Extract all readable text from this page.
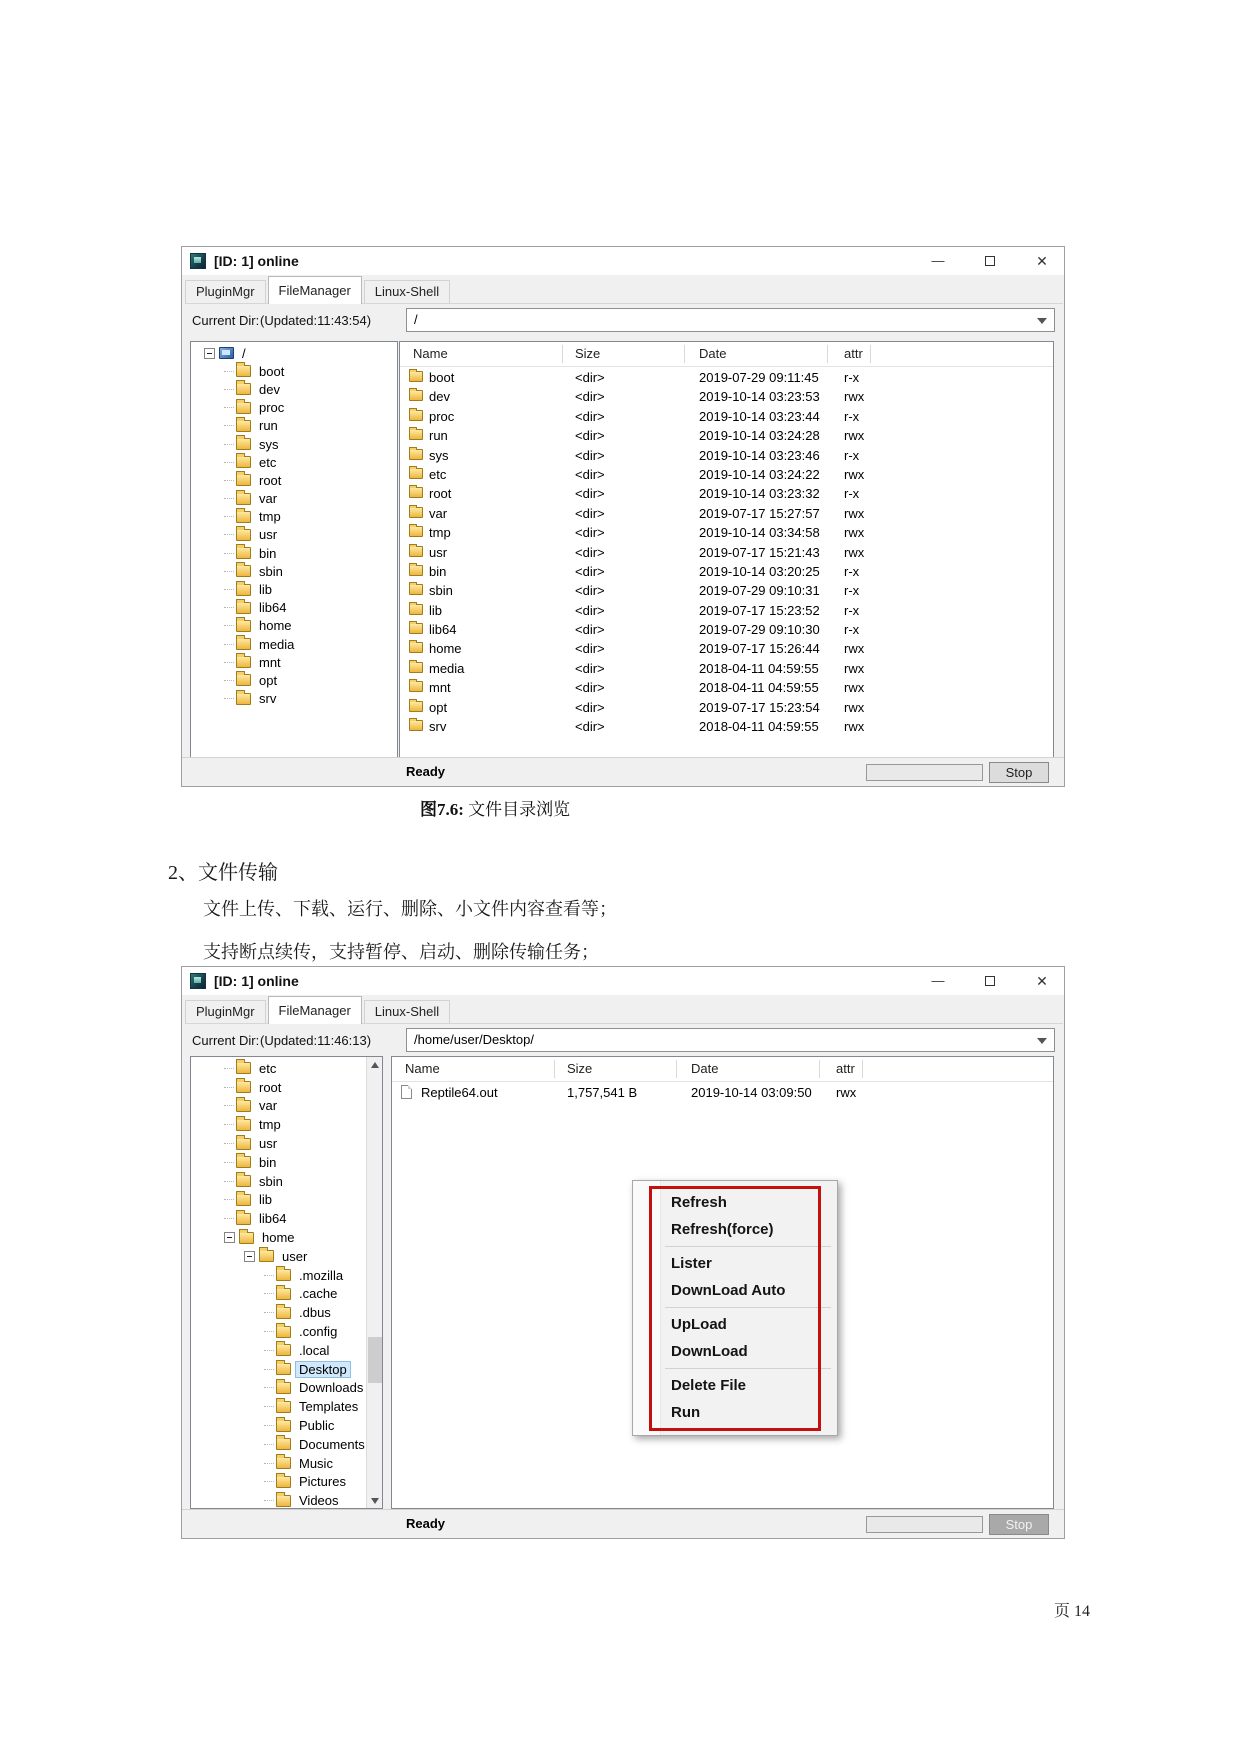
[ID: 1] online	—	✕
PluginMgr	FileManager	Linux-Shell
Current Dir: (Updated:11:43:54)	/
/
boot
dev
proc
run
sys
etc
root
var
tmp
usr
bin
sbin
lib
lib64
home
media
mnt
opt
srv
Name	Size	Date	attr
boot	<dir>	2019-07-29 09:11:45 r-x
dev	<dir>	2019-10-14 03:23:53 rwx
proc	<dir>	2019-10-14 03:23:44 r-x
run	<dir>	2019-10-14 03:24:28 rwx
sys	<dir>	2019-10-14 03:23:46 r-x
etc	<dir>	2019-10-14 03:24:22 rwx
root	<dir>	2019-10-14 03:23:32 r-x
var	<dir>	2019-07-17 15:27:57 rwx
tmp	<dir>	2019-10-14 03:34:58 rwx
usr	<dir>	2019-07-17 15:21:43 rwx
bin	<dir>	2019-10-14 03:20:25 r-x
sbin	<dir>	2019-07-29 09:10:31 r-x
lib	<dir>	2019-07-17 15:23:52 r-x
lib64	<dir>	2019-07-29 09:10:30 r-x
home	<dir>	2019-07-17 15:26:44 rwx
media	<dir>	2018-04-11 04:59:55 rwx
mnt	<dir>	2018-04-11 04:59:55 rwx
opt	<dir>	2019-07-17 15:23:54 rwx
srv	<dir>	2018-04-11 04:59:55 rwx
Ready	Stop
图7.6: 文件目录浏览
2、文件传输
文件上传、下载、运行、删除、小文件内容查看等；
支持断点续传，支持暂停、启动、删除传输任务；
[ID: 1] online	—	✕
PluginMgr	FileManager	Linux-Shell
Current Dir: (Updated:11:46:13)	/home/user/Desktop/
etc
root
var
tmp
usr
bin
sbin
lib
lib64
home
user
.mozilla
.cache
.dbus
.config
.local
Desktop
Downloads
Templates
Public
Documents
Music
Pictures
Videos
Name	Size	Date	attr
Reptile64.out	1,757,541 B	2019-10-14 03:09:50 rwx
Ready	Stop
Refresh
Refresh(force)
Lister
DownLoad Auto
UpLoad
DownLoad
Delete File
Run
页 14
